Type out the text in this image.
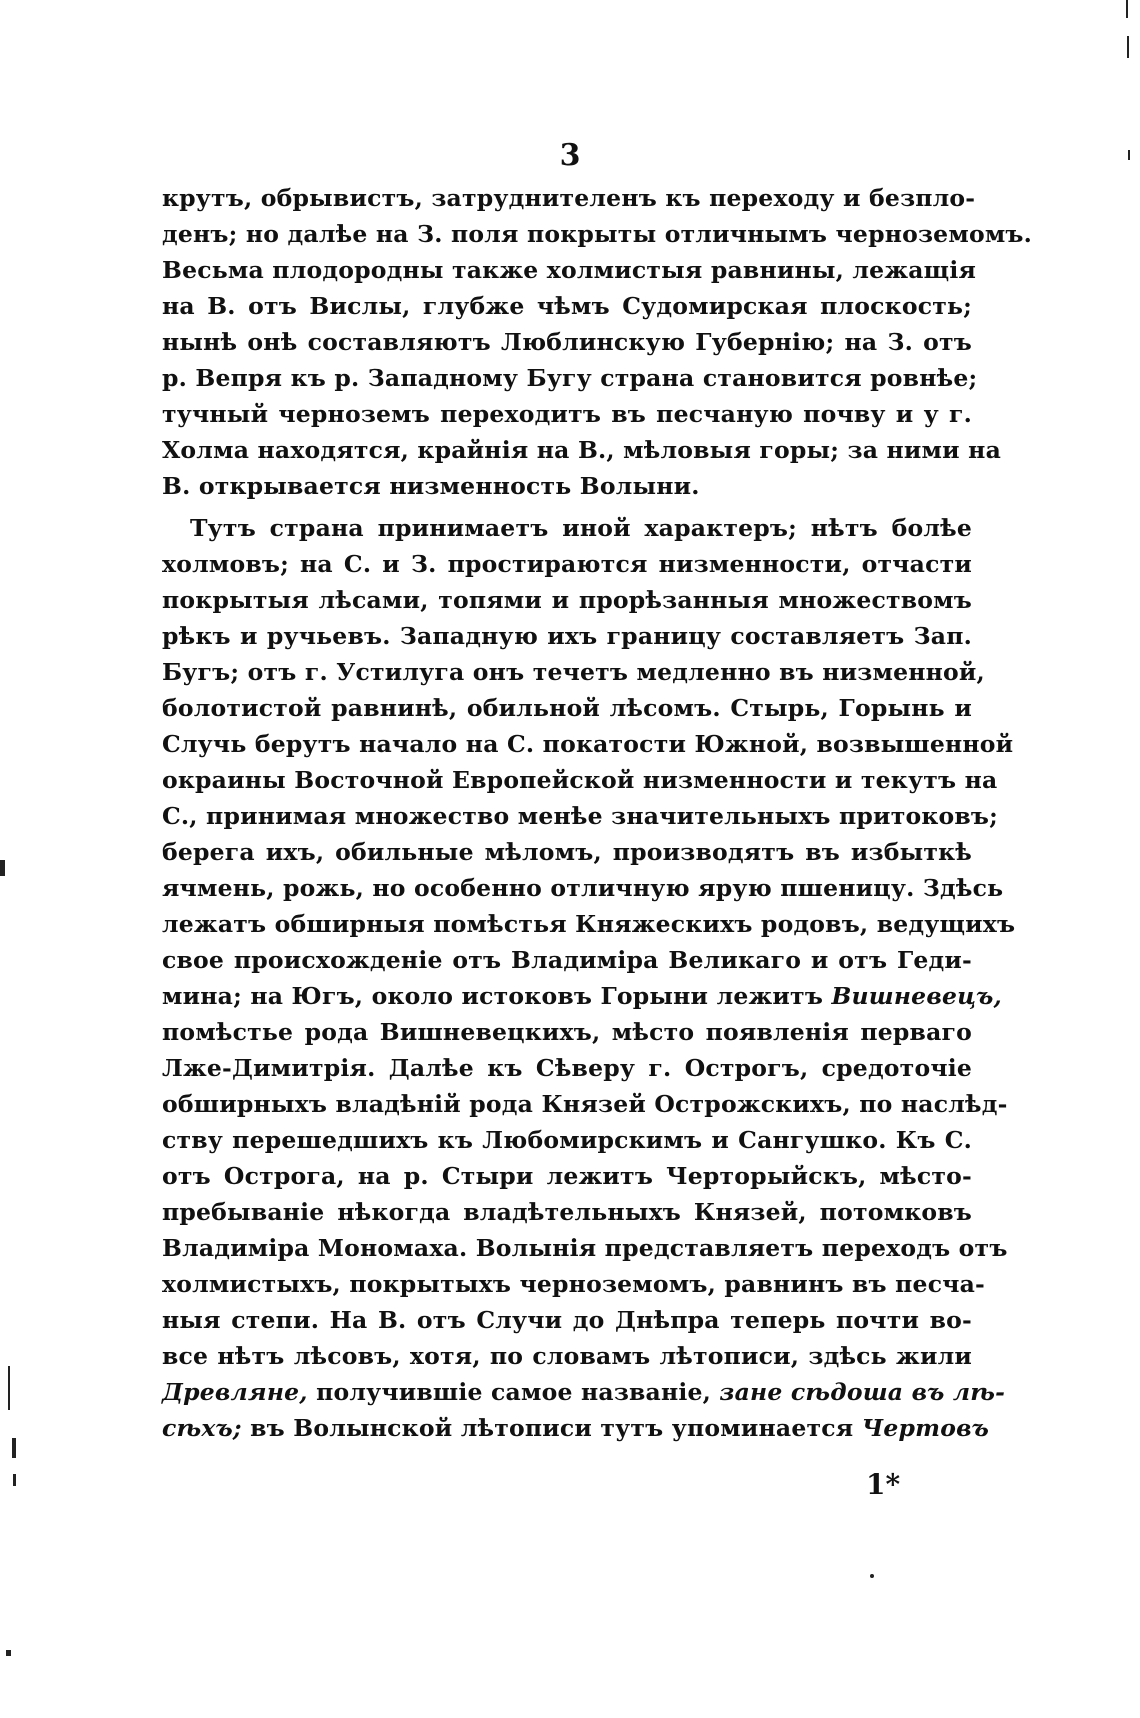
3
крутъ, обрывистъ, затруднителенъ къ переходу и безпло-
денъ; но далѣе на З. поля покрыты отличнымъ черноземомъ.
Весьма плодородны также холмистыя равнины, лежащія
на В. отъ Вислы, глубже чѣмъ Судомирская плоскость;
нынѣ онѣ составляютъ Люблинскую Губернію; на З. отъ
р. Вепря къ р. Западному Бугу страна становится ровнѣе;
тучный черноземъ переходитъ въ песчаную почву и у г.
Холма находятся, крайнія на В., мѣловыя горы; за ними на
В. открывается низменность Волыни.
Тутъ страна принимаетъ иной характеръ; нѣтъ болѣе
холмовъ; на С. и З. простираются низменности, отчасти
покрытыя лѣсами, топями и прорѣзанныя множествомъ
рѣкъ и ручьевъ. Западную ихъ границу составляетъ Зап.
Бугъ; отъ г. Устилуга онъ течетъ медленно въ низменной,
болотистой равнинѣ, обильной лѣсомъ. Стырь, Горынь и
Случь берутъ начало на С. покатости Южной, возвышенной
окраины Восточной Европейской низменности и текутъ на
С., принимая множество менѣе значительныхъ притоковъ;
берега ихъ, обильные мѣломъ, производятъ въ избыткѣ
ячмень, рожь, но особенно отличную ярую пшеницу. Здѣсь
лежатъ обширныя помѣстья Княжескихъ родовъ, ведущихъ
свое происхожденіе отъ Владиміра Великаго и отъ Геди-
мина; на Югъ, около истоковъ Горыни лежитъ Вишневецъ,
помѣстье рода Вишневецкихъ, мѣсто появленія перваго
Лже-Димитрія. Далѣе къ Сѣверу г. Острогъ, средоточіе
обширныхъ владѣній рода Князей Острожскихъ, по наслѣд-
ству перешедшихъ къ Любомирскимъ и Сангушко. Къ С.
отъ Острога, на р. Стыри лежитъ Черторыйскъ, мѣсто-
пребываніе нѣкогда владѣтельныхъ Князей, потомковъ
Владиміра Мономаха. Волынія представляетъ переходъ отъ
холмистыхъ, покрытыхъ черноземомъ, равнинъ въ песча-
ныя степи. На В. отъ Случи до Днѣпра теперь почти во-
все нѣтъ лѣсовъ, хотя, по словамъ лѣтописи, здѣсь жили
Древляне, получившіе самое названіе, зане сѣдоша въ лѣ-
сѣхъ; въ Волынской лѣтописи тутъ упоминается Чертовъ
1*
